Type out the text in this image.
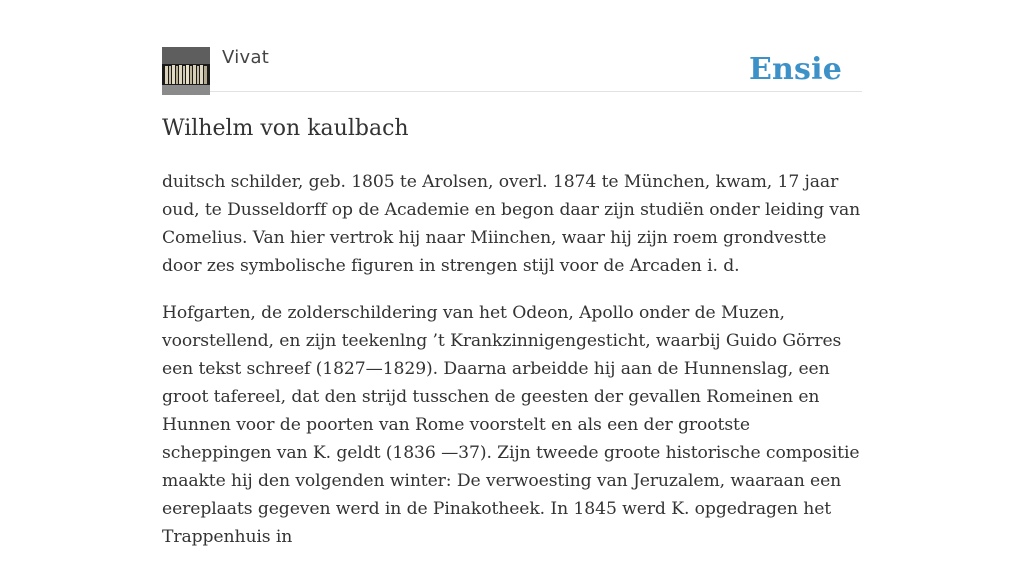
Vivat	Ensie
Wilhelm von kaulbach

duitsch schilder, geb. 1805 te Arolsen, overl. 1874 te München, kwam, 17 jaar oud, te Dusseldorff op de Academie en begon daar zijn studiën onder leiding van Comelius. Van hier vertrok hij naar Miinchen, waar hij zijn roem grondvestte door zes symbolische figuren in strengen stijl voor de Arcaden i. d.

Hofgarten, de zolderschildering van het Odeon, Apollo onder de Muzen, voorstellend, en zijn teekenlng ’t Krankzinnigengesticht, waarbij Guido Görres een tekst schreef (1827—1829). Daarna arbeidde hij aan de Hunnenslag, een groot tafereel, dat den strijd tusschen de geesten der gevallen Romeinen en Hunnen voor de poorten van Rome voorstelt en als een der grootste scheppingen van K. geldt (1836 —37). Zijn tweede groote historische compositie maakte hij den volgenden winter: De verwoesting van Jeruzalem, waaraan een eereplaats gegeven werd in de Pinakotheek. In 1845 werd K. opgedragen het Trappenhuis in
